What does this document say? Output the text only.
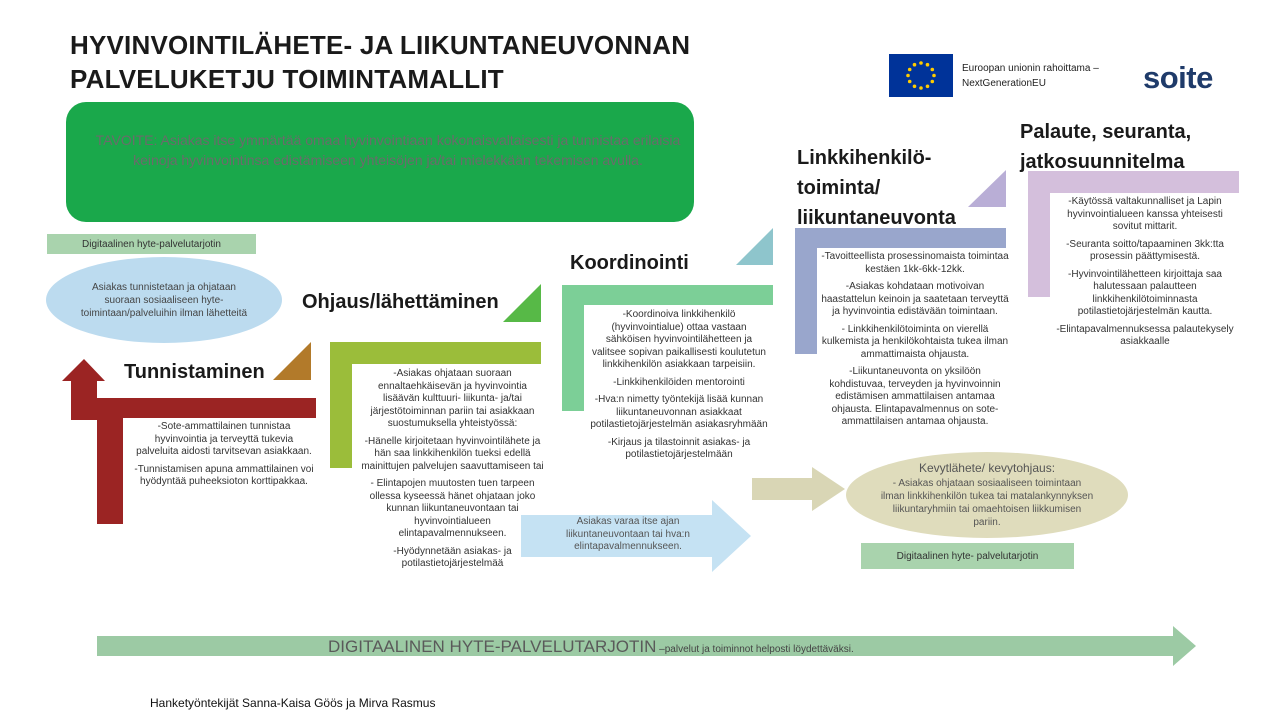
HYVINVOINTILÄHETE- JA LIIKUNTANEUVONNAN
PALVELUKETJU TOIMINTAMALLIT	Euroopan unionin rahoittama –
NextGenerationEU	soite
TAVOITE: Asiakas itse ymmärtää omaa hyvinvointiaan kokonaisvaltaisesti ja tunnistaa erilaisia keinoja hyvinvointinsa edistämiseen yhteisöjen ja/tai mielekkään tekemisen avulla.
Digitaalinen hyte-palvelutarjotin
Asiakas tunnistetaan ja ohjataan suoraan sosiaaliseen hyte-toimintaan/palveluihin ilman lähetteitä
Tunnistaminen
Ohjaus/lähettäminen
Koordinointi
Linkkihenkilö-
toiminta/
liikuntaneuvonta
Palaute, seuranta,
jatkosuunnitelma

-Sote-ammattilainen tunnistaa hyvinvointia ja terveyttä tukevia palveluita aidosti tarvitsevan asiakkaan.

-Tunnistamisen apuna ammattilainen voi hyödyntää puheeksioton korttipakkaa.

-Asiakas ohjataan suoraan ennaltaehkäisevän ja hyvinvointia lisäävän kulttuuri- liikunta- ja/tai järjestötoiminnan pariin tai asiakkaan suostumuksella yhteistyössä:

-Hänelle kirjoitetaan hyvinvointilähete ja hän saa linkkihenkilön tueksi edellä mainittujen palvelujen saavuttamiseen tai

- Elintapojen muutosten tuen tarpeen ollessa kyseessä hänet ohjataan joko kunnan liikuntaneuvontaan tai hyvinvointialueen elintapavalmennukseen.

-Hyödynnetään asiakas- ja potilastietojärjestelmää

-Koordinoiva linkkihenkilö (hyvinvointialue) ottaa vastaan sähköisen hyvinvointilähetteen ja valitsee sopivan paikallisesti koulutetun linkkihenkilön asiakkaan tarpeisiin.

-Linkkihenkilöiden mentorointi

-Hva:n nimetty työntekijä lisää kunnan liikuntaneuvonnan asiakkaat potilastietojärjestelmän asiakasryhmään

-Kirjaus ja tilastoinnit asiakas- ja potilastietojärjestelmään

-Tavoitteellista prosessinomaista toimintaa kestäen 1kk-6kk-12kk.

-Asiakas kohdataan motivoivan haastattelun keinoin ja saatetaan terveyttä ja hyvinvointia edistävään toimintaan.

- Linkkihenkilötoiminta on vierellä kulkemista ja henkilökohtaista tukea ilman ammattimaista ohjausta.

-Liikuntaneuvonta on yksilöön kohdistuvaa, terveyden ja hyvinvoinnin edistämisen ammattilaisen antamaa ohjausta. Elintapavalmennus on sote-ammattilaisen antamaa ohjausta.

-Käytössä valtakunnalliset ja Lapin hyvinvointialueen kanssa yhteisesti sovitut mittarit.

-Seuranta soitto/tapaaminen 3kk:tta prosessin päättymisestä.

-Hyvinvointilähetteen kirjoittaja saa halutessaan palautteen linkkihenkilötoiminnasta potilastietojärjestelmän kautta.

-Elintapavalmennuksessa palautekysely asiakkaalle

Asiakas varaa itse ajan liikuntaneuvontaan tai hva:n elintapavalmennukseen.
Kevytlähete/ kevytohjaus:
- Asiakas ohjataan sosiaaliseen toimintaan ilman linkkihenkilön tukea tai matalankynnyksen liikuntaryhmiin tai omaehtoisen liikkumisen pariin.
Digitaalinen hyte- palvelutarjotin
DIGITAALINEN HYTE-PALVELUTARJOTIN –palvelut ja toiminnot helposti löydettäväksi.
Hanketyöntekijät Sanna-Kaisa Göös ja Mirva Rasmus
